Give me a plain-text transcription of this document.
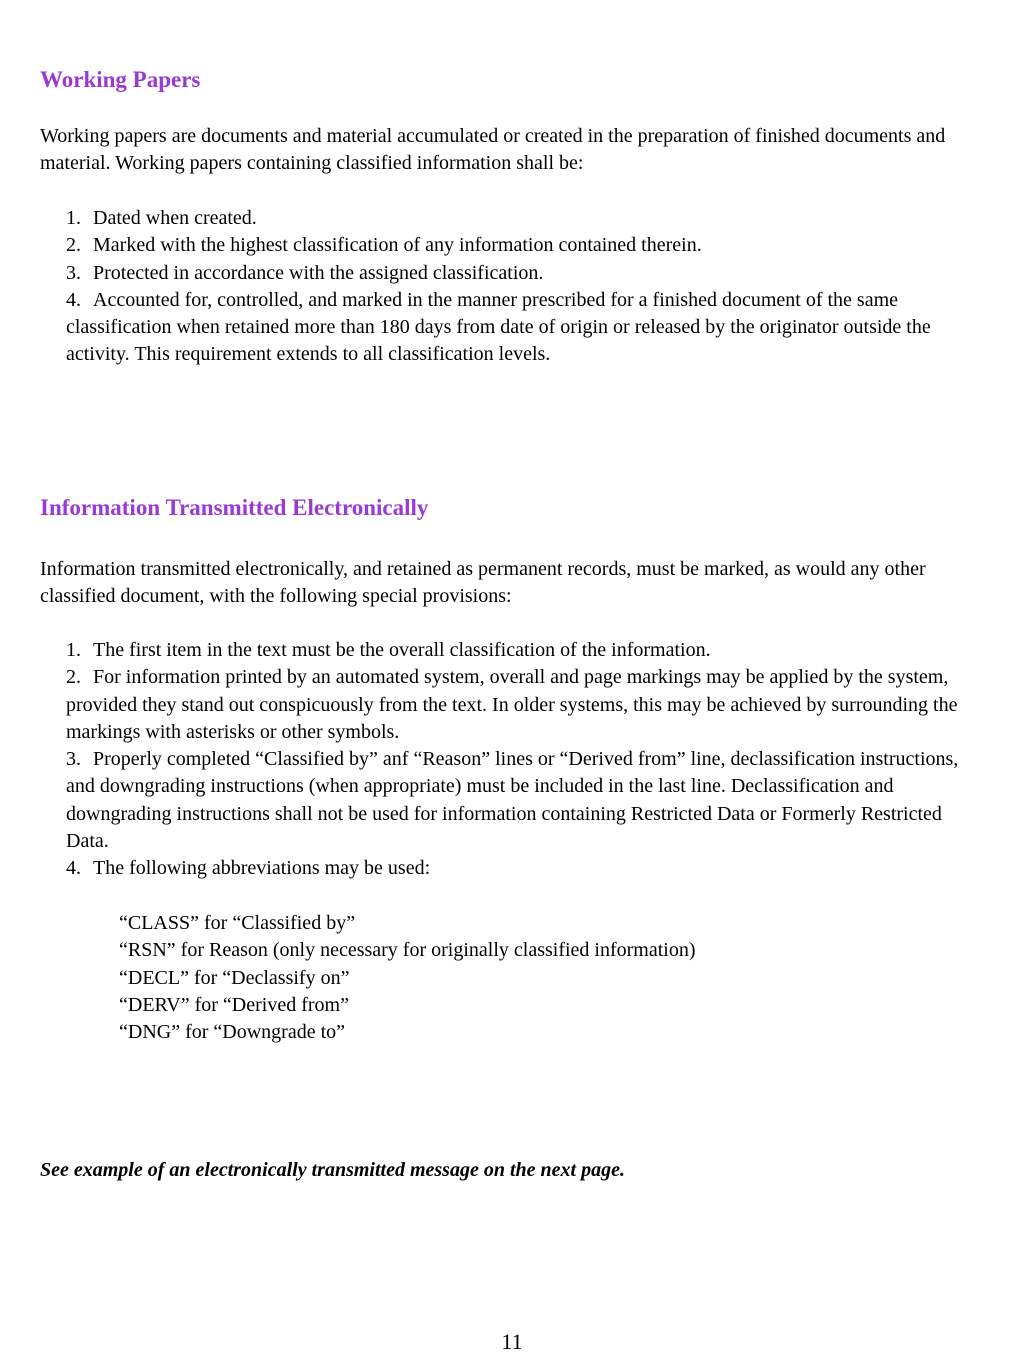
Working Papers

Working papers are documents and material accumulated or created in the preparation of finished documents and material. Working papers containing classified information shall be:

1. Dated when created.
2. Marked with the highest classification of any information contained therein.
3. Protected in accordance with the assigned classification.
4. Accounted for, controlled, and marked in the manner prescribed for a finished document of the same classification when retained more than 180 days from date of origin or released by the originator outside the activity. This requirement extends to all classification levels.
Information Transmitted Electronically

Information transmitted electronically, and retained as permanent records, must be marked, as would any other classified document, with the following special provisions:

1. The first item in the text must be the overall classification of the information.
2. For information printed by an automated system, overall and page markings may be applied by the system, provided they stand out conspicuously from the text. In older systems, this may be achieved by surrounding the markings with asterisks or other symbols.
3. Properly completed “Classified by” anf “Reason” lines or “Derived from” line, declassification instructions, and downgrading instructions (when appropriate) must be included in the last line. Declassification and downgrading instructions shall not be used for information containing Restricted Data or Formerly Restricted Data.
4. The following abbreviations may be used:
“CLASS” for “Classified by”
“RSN” for Reason (only necessary for originally classified information)
“DECL” for “Declassify on”
“DERV” for “Derived from”
“DNG” for “Downgrade to”

See example of an electronically transmitted message on the next page.

11
